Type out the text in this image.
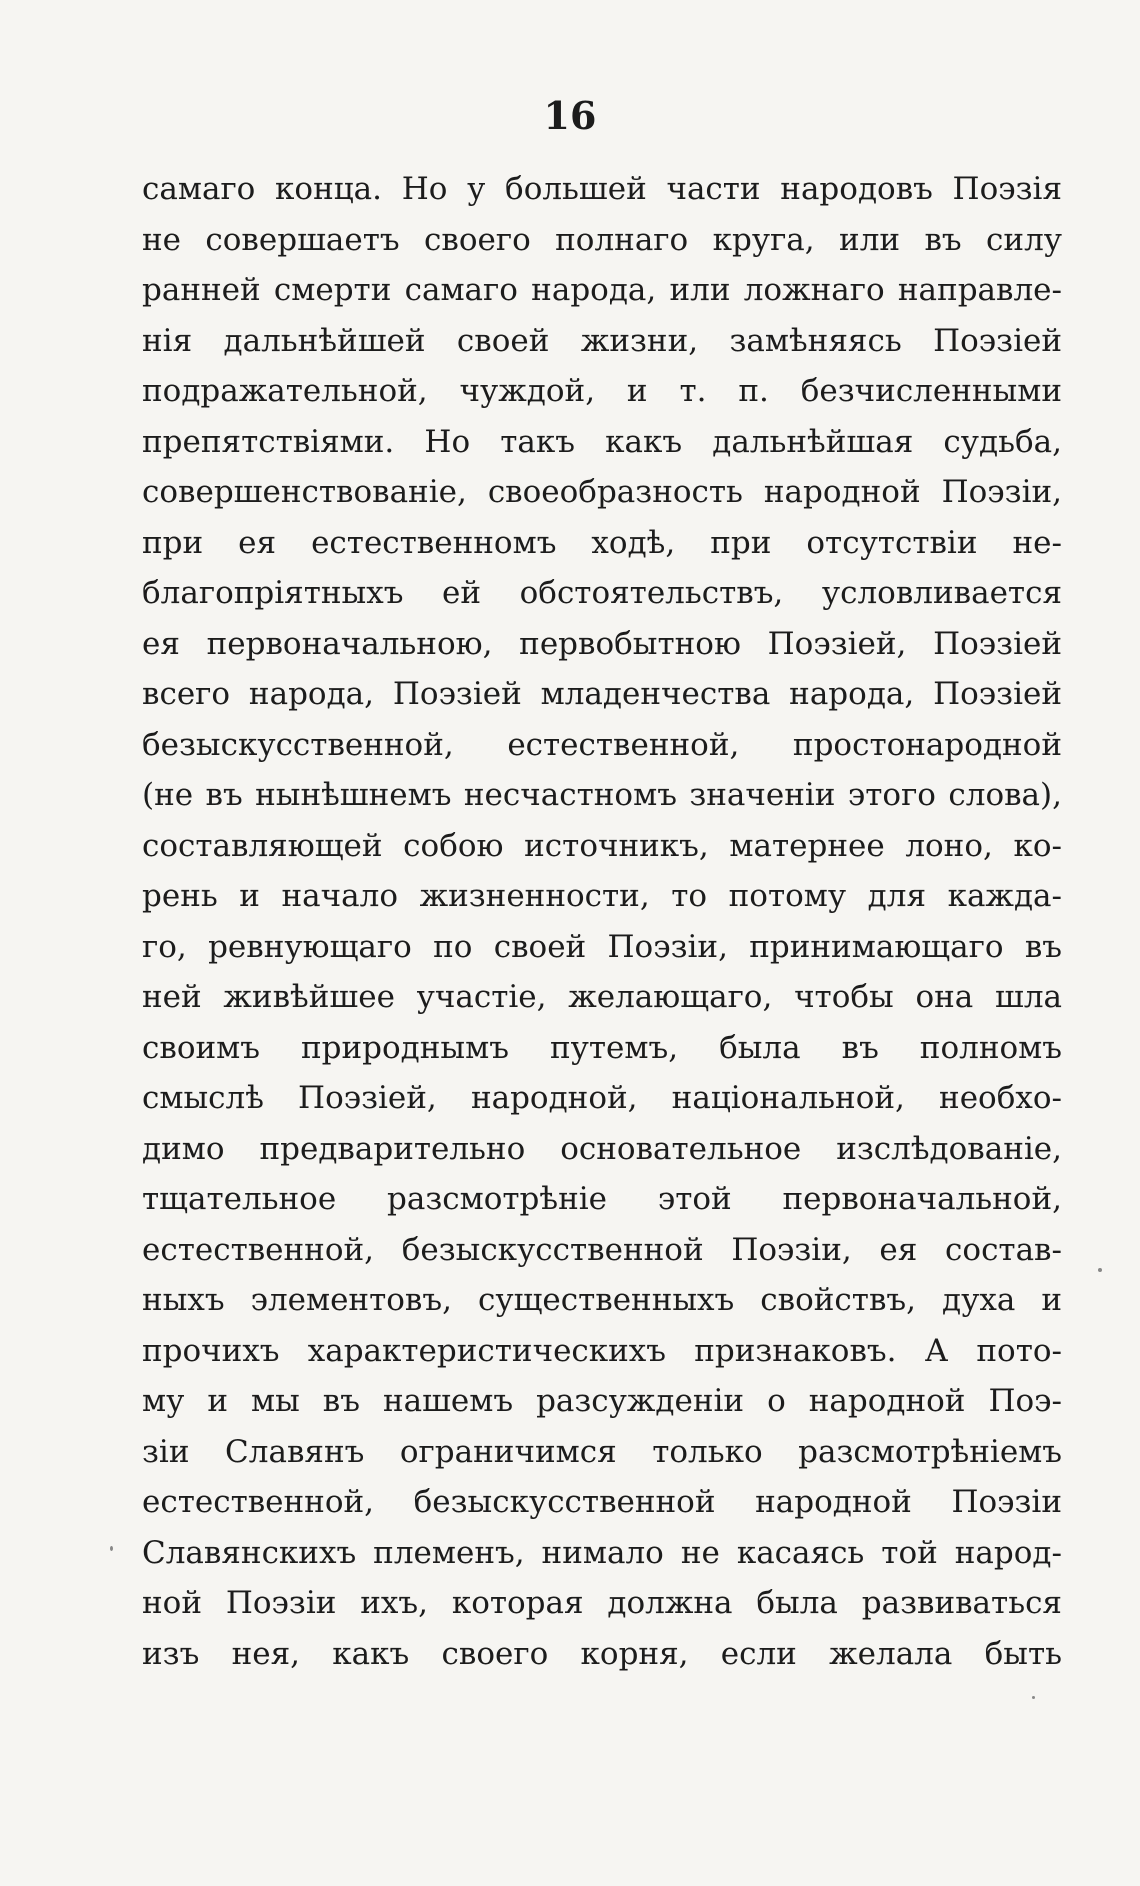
16
самаго конца. Но у большей части народовъ Поэзія
не совершаетъ своего полнаго круга, или въ силу
ранней смерти самаго народа, или ложнаго направле-
нія дальнѣйшей своей жизни, замѣняясь Поэзіей
подражательной, чуждой, и т. п. безчисленными
препятствіями. Но такъ какъ дальнѣйшая судьба,
совершенствованіе, своеобразность народной Поэзіи,
при ея естественномъ ходѣ, при отсутствіи не-
благопріятныхъ ей обстоятельствъ, условливается
ея первоначальною, первобытною Поэзіей, Поэзіей
всего народа, Поэзіей младенчества народа, Поэзіей
безыскусственной, естественной, простонародной
(не въ нынѣшнемъ несчастномъ значеніи этого слова),
составляющей собою источникъ, матернее лоно, ко-
рень и начало жизненности, то потому для кажда-
го, ревнующаго по своей Поэзіи, принимающаго въ
ней живѣйшее участіе, желающаго, чтобы она шла
своимъ природнымъ путемъ, была въ полномъ
смыслѣ Поэзіей, народной, національной, необхо-
димо предварительно основательное изслѣдованіе,
тщательное разсмотрѣніе этой первоначальной,
естественной, безыскусственной Поэзіи, ея состав-
ныхъ элементовъ, существенныхъ свойствъ, духа и
прочихъ характеристическихъ признаковъ. А пото-
му и мы въ нашемъ разсужденіи о народной Поэ-
зіи Славянъ ограничимся только разсмотрѣніемъ
естественной, безыскусственной народной Поэзіи
Славянскихъ племенъ, нимало не касаясь той народ-
ной Поэзіи ихъ, которая должна была развиваться
изъ нея, какъ своего корня, если желала быть
